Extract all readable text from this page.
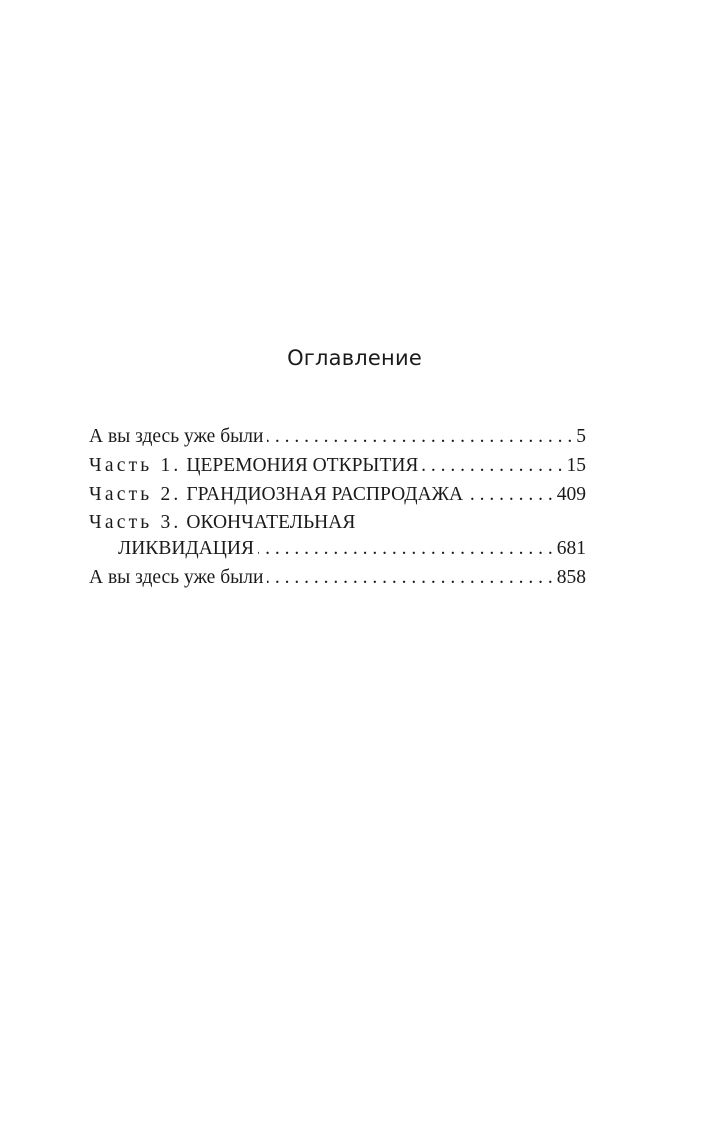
Оглавление
А вы здесь уже были . . .	5
Часть 1. ЦЕРЕМОНИЯ ОТКРЫТИЯ . . .	15
Часть 2. ГРАНДИОЗНАЯ РАСПРОДАЖА . . .	409
Часть 3. ОКОНЧАТЕЛЬНАЯ
ЛИКВИДАЦИЯ . . .	681
А вы здесь уже были . . .	858
